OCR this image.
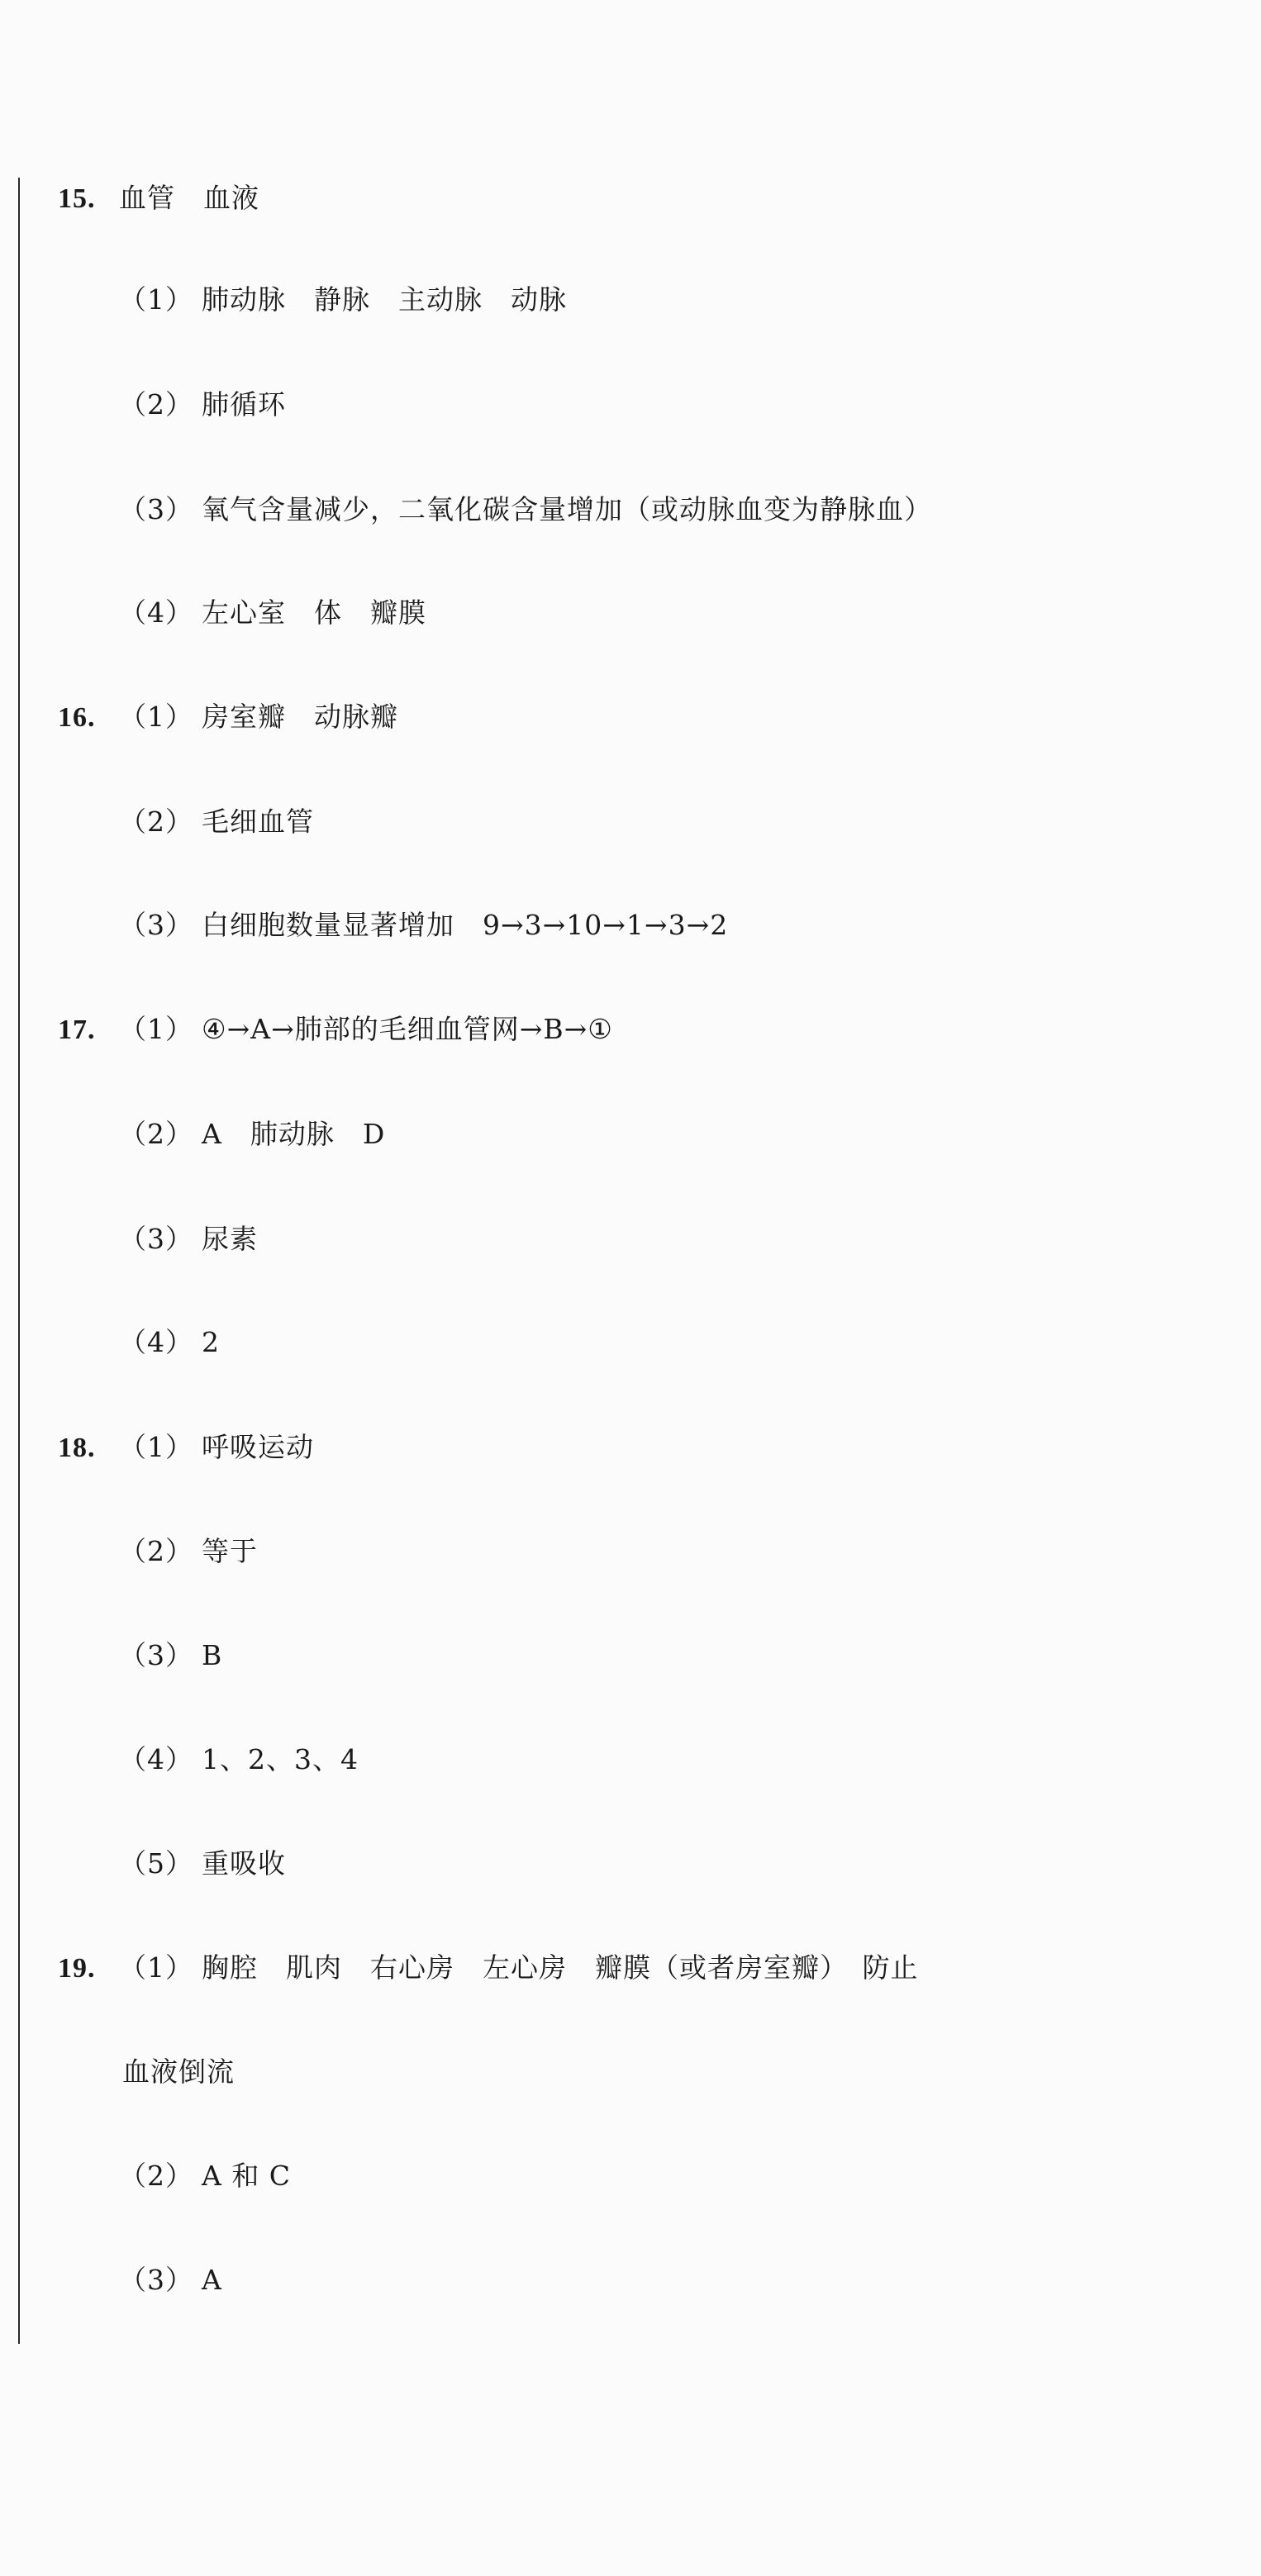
15. 血管　血液
（1） 肺动脉　静脉　主动脉　动脉
（2） 肺循环
（3） 氧气含量减少，二氧化碳含量增加（或动脉血变为静脉血）
（4） 左心室　体　瓣膜
16. （1） 房室瓣　动脉瓣
（2） 毛细血管
（3） 白细胞数量显著增加　9→3→10→1→3→2
17. （1） ④→A→肺部的毛细血管网→B→①
（2） A　肺动脉　D
（3） 尿素
（4） 2
18. （1） 呼吸运动
（2） 等于
（3） B
（4） 1、2、3、4
（5） 重吸收
19. （1） 胸腔　肌肉　右心房　左心房　瓣膜（或者房室瓣）　防止
血液倒流
（2） A 和 C
（3） A
